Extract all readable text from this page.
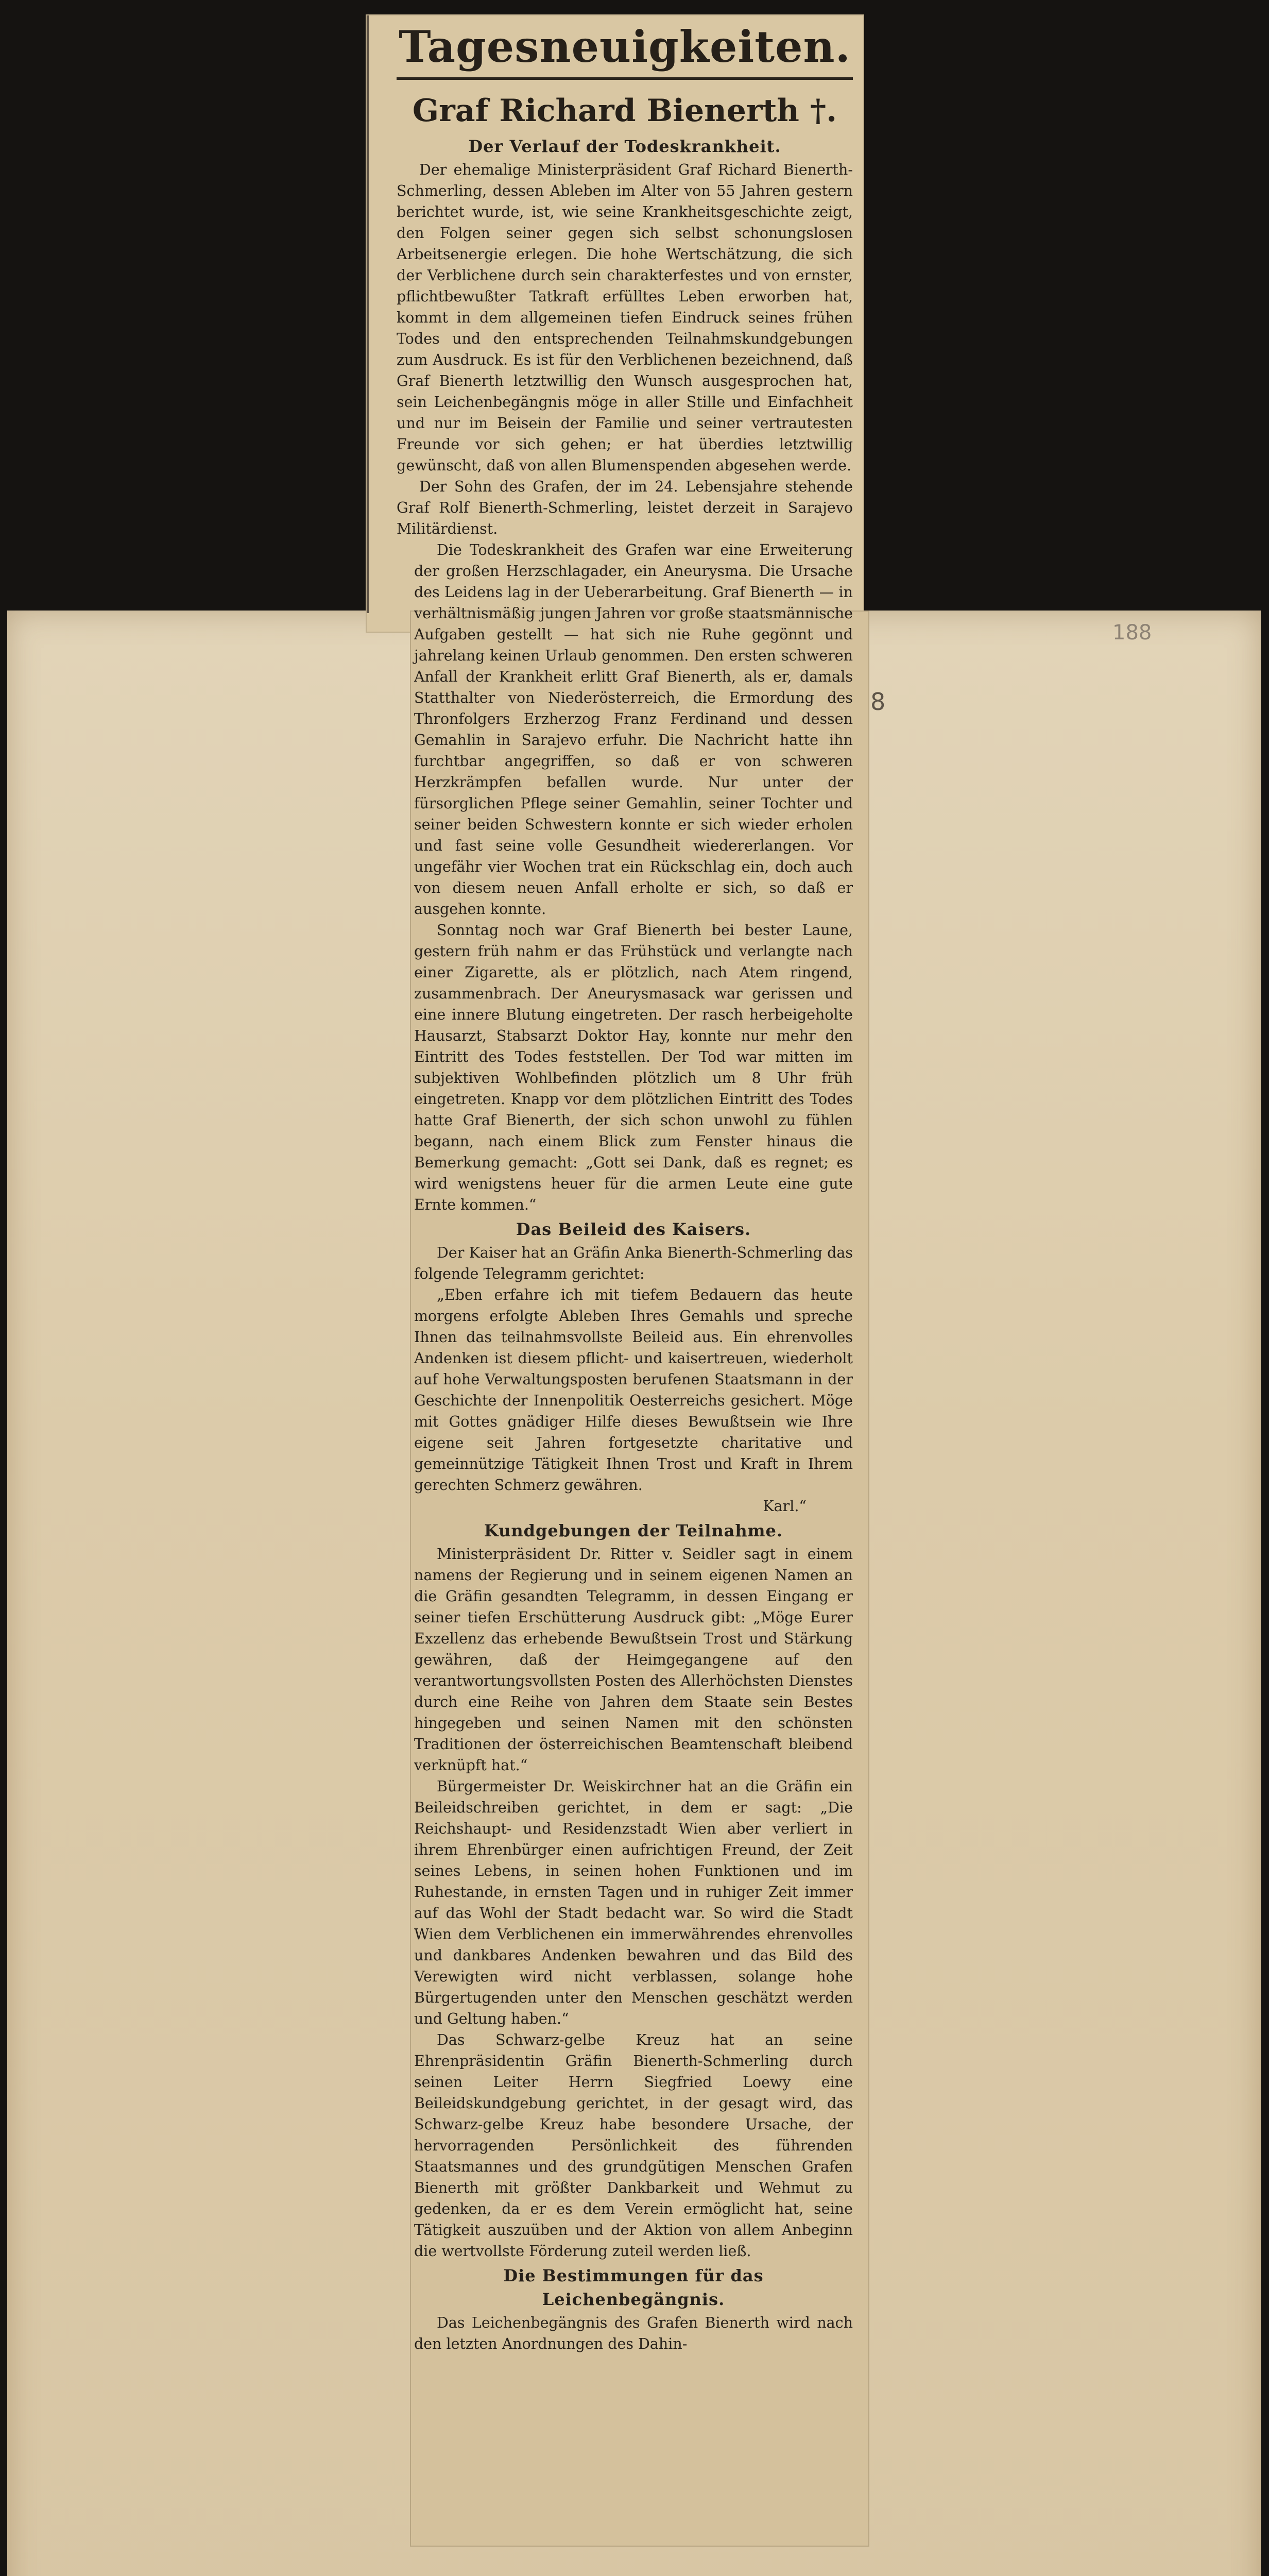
188
8
Tagesneuigkeiten.
Graf Richard Bienerth †.
Der Verlauf der Todeskrankheit.

Der ehemalige Ministerpräsident Graf Richard Bienerth-Schmerling, dessen Ableben im Alter von 55 Jahren gestern berichtet wurde, ist, wie seine Krankheitsgeschichte zeigt, den Folgen seiner gegen sich selbst schonungslosen Arbeitsenergie erlegen. Die hohe Wertschätzung, die sich der Verblichene durch sein charakterfestes und von ernster, pflichtbewußter Tatkraft erfülltes Leben erworben hat, kommt in dem allgemeinen tiefen Eindruck seines frühen Todes und den entsprechenden Teilnahmskundgebungen zum Ausdruck. Es ist für den Verblichenen bezeichnend, daß Graf Bienerth letztwillig den Wunsch ausgesprochen hat, sein Leichenbegängnis möge in aller Stille und Einfachheit und nur im Beisein der Familie und seiner vertrautesten Freunde vor sich gehen; er hat überdies letztwillig gewünscht, daß von allen Blumenspenden abgesehen werde.

Der Sohn des Grafen, der im 24. Lebensjahre stehende Graf Rolf Bienerth-Schmerling, leistet derzeit in Sarajevo Militärdienst.

Die Todeskrankheit des Grafen war eine Erweiterung der großen Herzschlagader, ein Aneurysma. Die Ursache des Leidens lag in der Ueberarbeitung. Graf Bienerth — in verhältnismäßig jungen Jahren vor große staatsmännische Aufgaben gestellt — hat sich nie Ruhe gegönnt und jahrelang keinen Urlaub genommen. Den ersten schweren Anfall der Krankheit erlitt Graf Bienerth, als er, damals Statthalter von Niederösterreich, die Ermordung des Thronfolgers Erzherzog Franz Ferdinand und dessen Gemahlin in Sarajevo erfuhr. Die Nachricht hatte ihn furchtbar angegriffen, so daß er von schweren Herzkrämpfen befallen wurde. Nur unter der fürsorglichen Pflege seiner Gemahlin, seiner Tochter und seiner beiden Schwestern konnte er sich wieder erholen und fast seine volle Gesundheit wiedererlangen. Vor ungefähr vier Wochen trat ein Rückschlag ein, doch auch von diesem neuen Anfall erholte er sich, so daß er ausgehen konnte.

Sonntag noch war Graf Bienerth bei bester Laune, gestern früh nahm er das Frühstück und verlangte nach einer Zigarette, als er plötzlich, nach Atem ringend, zusammenbrach. Der Aneurysmasack war gerissen und eine innere Blutung eingetreten. Der rasch herbeigeholte Hausarzt, Stabsarzt Doktor Hay, konnte nur mehr den Eintritt des Todes feststellen. Der Tod war mitten im subjektiven Wohlbefinden plötzlich um 8 Uhr früh eingetreten. Knapp vor dem plötzlichen Eintritt des Todes hatte Graf Bienerth, der sich schon unwohl zu fühlen begann, nach einem Blick zum Fenster hinaus die Bemerkung gemacht: „Gott sei Dank, daß es regnet; es wird wenigstens heuer für die armen Leute eine gute Ernte kommen.“

Das Beileid des Kaisers.

Der Kaiser hat an Gräfin Anka Bienerth-Schmerling das folgende Telegramm gerichtet:

„Eben erfahre ich mit tiefem Bedauern das heute morgens erfolgte Ableben Ihres Gemahls und spreche Ihnen das teilnahmsvollste Beileid aus. Ein ehrenvolles Andenken ist diesem pflicht- und kaisertreuen, wiederholt auf hohe Verwaltungsposten berufenen Staatsmann in der Geschichte der Innenpolitik Oesterreichs gesichert. Möge mit Gottes gnädiger Hilfe dieses Bewußtsein wie Ihre eigene seit Jahren fortgesetzte charitative und gemeinnützige Tätigkeit Ihnen Trost und Kraft in Ihrem gerechten Schmerz gewähren.

Karl.“

Kundgebungen der Teilnahme.

Ministerpräsident Dr. Ritter v. Seidler sagt in einem namens der Regierung und in seinem eigenen Namen an die Gräfin gesandten Telegramm, in dessen Eingang er seiner tiefen Erschütterung Ausdruck gibt: „Möge Eurer Exzellenz das erhebende Bewußtsein Trost und Stärkung gewähren, daß der Heimgegangene auf den verantwortungsvollsten Posten des Allerhöchsten Dienstes durch eine Reihe von Jahren dem Staate sein Bestes hingegeben und seinen Namen mit den schönsten Traditionen der österreichischen Beamtenschaft bleibend verknüpft hat.“

Bürgermeister Dr. Weiskirchner hat an die Gräfin ein Beileidschreiben gerichtet, in dem er sagt: „Die Reichshaupt- und Residenzstadt Wien aber verliert in ihrem Ehrenbürger einen aufrichtigen Freund, der Zeit seines Lebens, in seinen hohen Funktionen und im Ruhestande, in ernsten Tagen und in ruhiger Zeit immer auf das Wohl der Stadt bedacht war. So wird die Stadt Wien dem Verblichenen ein immerwährendes ehrenvolles und dankbares Andenken bewahren und das Bild des Verewigten wird nicht verblassen, solange hohe Bürgertugenden unter den Menschen geschätzt werden und Geltung haben.“

Das Schwarz-gelbe Kreuz hat an seine Ehrenpräsidentin Gräfin Bienerth-Schmerling durch seinen Leiter Herrn Siegfried Loewy eine Beileidskundgebung gerichtet, in der gesagt wird, das Schwarz-gelbe Kreuz habe besondere Ursache, der hervorragenden Persönlichkeit des führenden Staatsmannes und des grundgütigen Menschen Grafen Bienerth mit größter Dankbarkeit und Wehmut zu gedenken, da er es dem Verein ermöglicht hat, seine Tätigkeit auszuüben und der Aktion von allem Anbeginn die wertvollste Förderung zuteil werden ließ.

Die Bestimmungen für das Leichenbegängnis.

Das Leichenbegängnis des Grafen Bienerth wird nach den letzten Anordnungen des Dahin-
